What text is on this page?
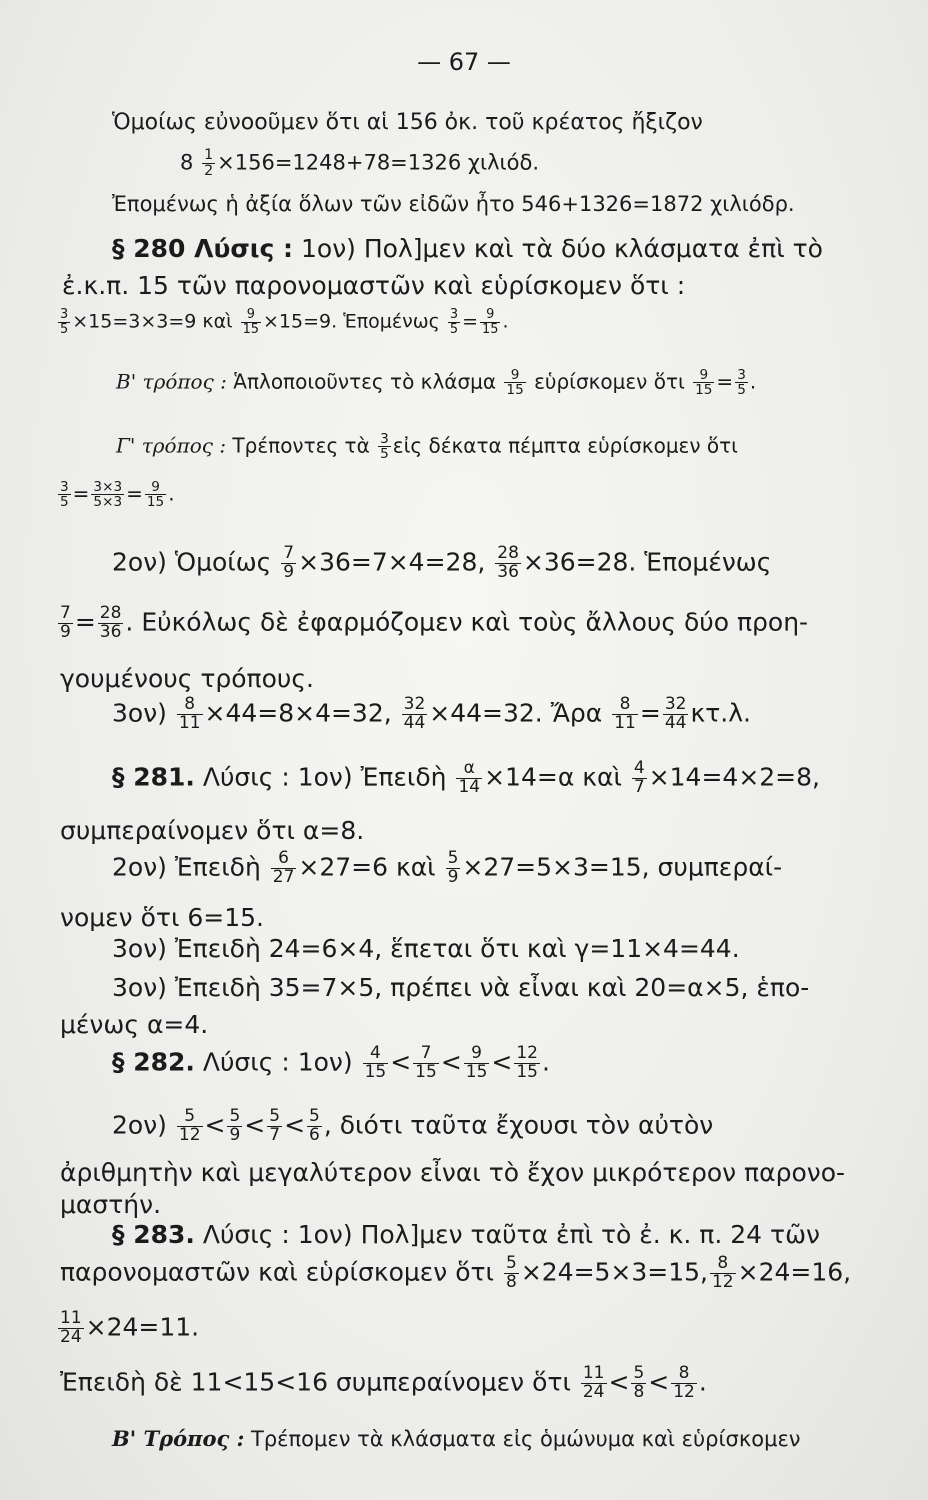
— 67 —
Ὁμοίως εὐνοοῦμεν ὅτι αἱ 156 ὀκ. τοῦ κρέατος ἤξιζον
$8 \frac{1}{2} \times 156=1248+78=1326$ χιλιόδ.
Ἐπομένως ἡ ἀξία ὅλων τῶν εἰδῶν ἦτο 546+1326=1872 χιλιόδρ.
§ 280 Λύσις : 1ον) Πολ]μεν καὶ τὰ δύο κλάσματα ἐπὶ τὸ
ἐ.κ.π. 15 τῶν παρονομαστῶν καὶ εὑρίσκομεν ὅτι :
$\frac{3}{5} \times 15=3\times 3=9$ καὶ $\frac{9}{15} \times 15=9$. Ἑπομένως $\frac{3}{5} = \frac{9}{15}$ .
Β' τρόπος : Ἁπλοποιοῦντες τὸ κλάσμα $\frac{9}{15}$ εὑρίσκομεν ὅτι $\frac{9}{15} = \frac{3}{5}$ .
Γ' τρόπος : Τρέποντες τὰ $\frac{3}{5}$ εἰς δέκατα πέμπτα εὑρίσκομεν ὅτι
$\frac{3}{5} = \frac{3\times 3}{5\times 3} = \frac{9}{15}$ .
2ον) Ὁμοίως $\frac{7}{9} \times 36=7\times 4=28$, $\frac{28}{36} \times 36=28$. Ἑπομένως
$\frac{7}{9} = \frac{28}{36}$ . Εὐκόλως δὲ ἐφαρμόζομεν καὶ τοὺς ἄλλους δύο προη-
γουμένους τρόπους.
$3o\nu) \frac{8}{11} \times 44=8\times 4=32$, $\frac{32}{44} \times 44=32$. Ἄρα $\frac{8}{11} = \frac{32}{44} \kappa\tau.\lambda$.
§ 281. Λύσις : 1ον) Ἐπειδὴ $\frac{\alpha}{14} \times 14=\alpha$ καὶ $\frac{4}{7} \times 14=4\times 2=8$,
συμπεραίνομεν ὅτι α=8.
2ον) Ἐπειδὴ $\frac{6}{27} \times 27=6$ καὶ $\frac{5}{9} \times 27=5\times 3=15$, συμπεραί-
νομεν ὅτι 6=15.
3ον) Ἐπειδὴ 24=6×4, ἕπεται ὅτι καὶ γ=11×4=44.
3ον) Ἐπειδὴ 35=7×5, πρέπει νὰ εἶναι καὶ 20=α×5, ἑπο-
μένως α=4.
§ 282. Λύσις : $1o\nu) \frac{4}{15} < \frac{7}{15} < \frac{9}{15} < \frac{12}{15}$ .
$2o\nu) \frac{5}{12} < \frac{5}{9} < \frac{5}{7} < \frac{5}{6}$ , διότι ταῦτα ἔχουσι τὸν αὐτὸν
ἀριθμητὴν καὶ μεγαλύτερον εἶναι τὸ ἔχον μικρότερον παρονο-
μαστήν.
§ 283. Λύσις : 1ον) Πολ]μεν ταῦτα ἐπὶ τὸ ἐ. κ. π. 24 τῶν
παρονομαστῶν καὶ εὑρίσκομεν ὅτι $\frac{5}{8} \times 24=5\times 3=15$, $\frac{8}{12} \times 24=16$,
$\frac{11}{24} \times 24=11$.
Ἐπειδὴ δὲ 11<15<16 συμπεραίνομεν ὅτι $\frac{11}{24} < \frac{5}{8} < \frac{8}{12}$ .
Β' Τρόπος : Τρέπομεν τὰ κλάσματα εἰς ὁμώνυμα καὶ εὑρίσκομεν
